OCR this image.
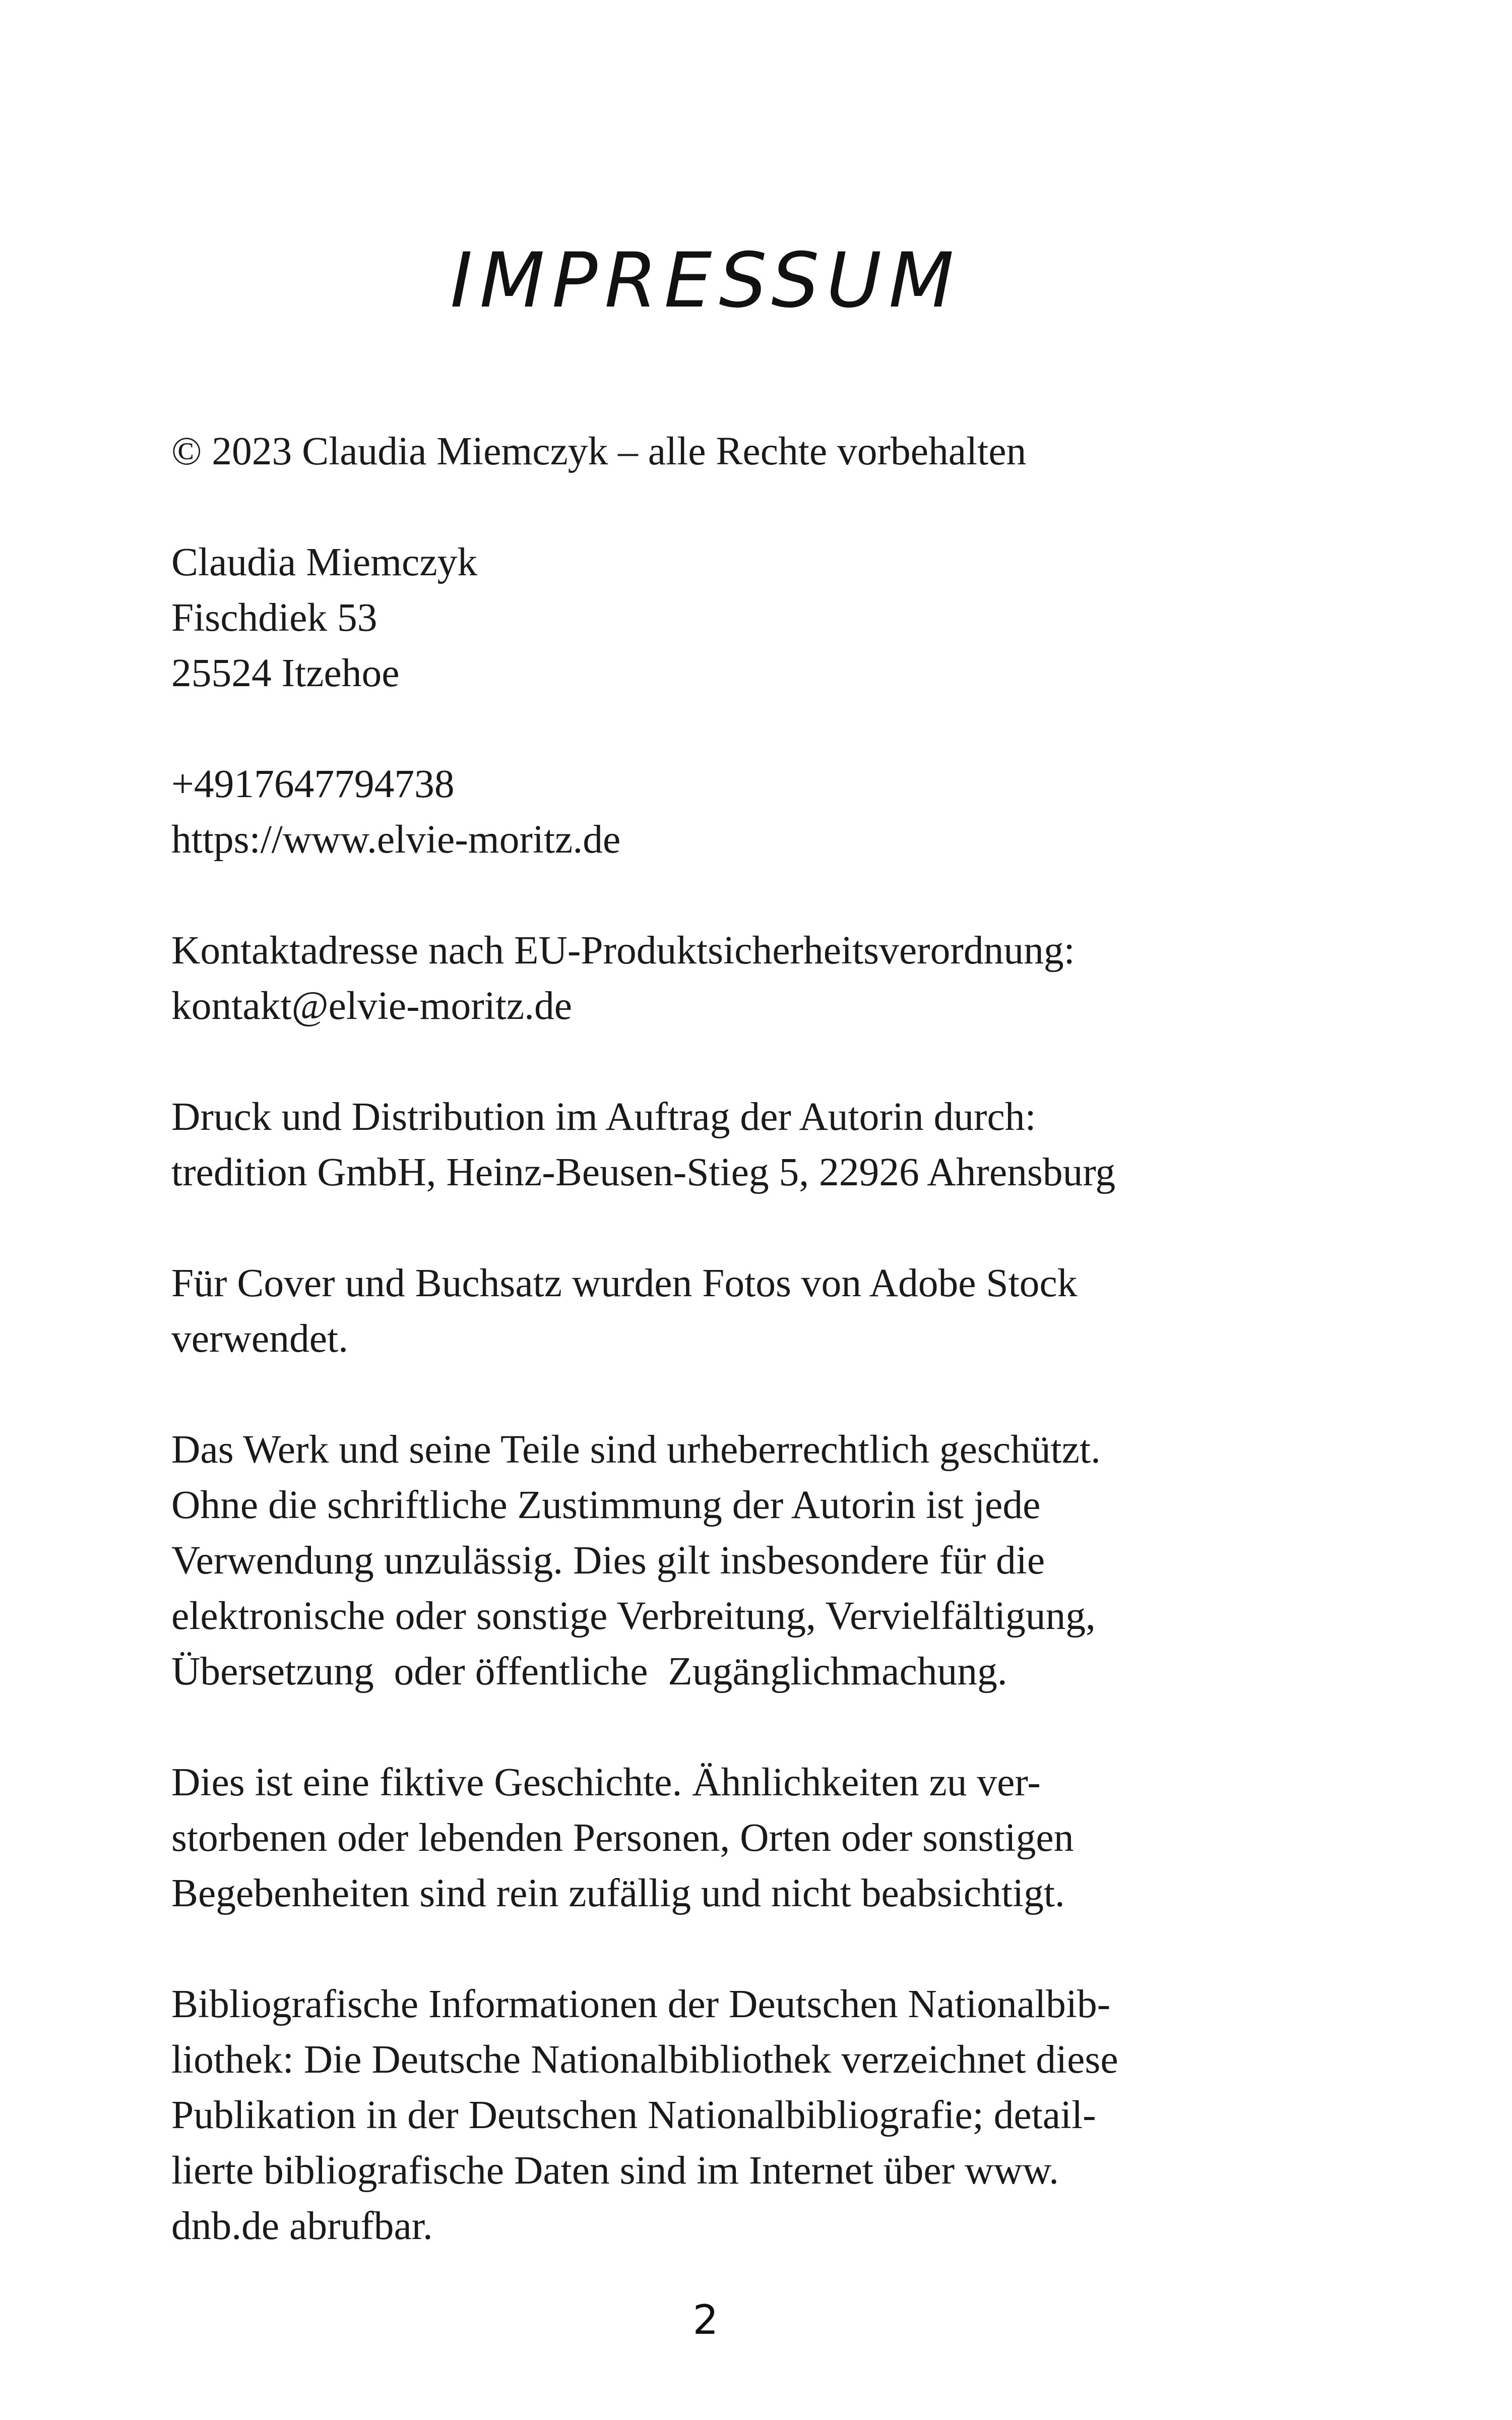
IMPRESSUM

© 2023 Claudia Miemczyk – alle Rechte vorbehalten

Claudia Miemczyk
Fischdiek 53
25524 Itzehoe

+4917647794738
https://www.elvie-moritz.de

Kontaktadresse nach EU-Produktsicherheitsverordnung:
kontakt@elvie-moritz.de

Druck und Distribution im Auftrag der Autorin durch:
tredition GmbH, Heinz-Beusen-Stieg 5, 22926 Ahrensburg

Für Cover und Buchsatz wurden Fotos von Adobe Stock
verwendet.

Das Werk und seine Teile sind urheberrechtlich geschützt.
Ohne die schriftliche Zustimmung der Autorin ist jede
Verwendung unzulässig. Dies gilt insbesondere für die
elektronische oder sonstige Verbreitung, Vervielfältigung,
Übersetzung  oder öffentliche  Zugänglichmachung.

Dies ist eine fiktive Geschichte. Ähnlichkeiten zu ver-
storbenen oder lebenden Personen, Orten oder sonstigen
Begebenheiten sind rein zufällig und nicht beabsichtigt.

Bibliografische Informationen der Deutschen Nationalbib-
liothek: Die Deutsche Nationalbibliothek verzeichnet diese
Publikation in der Deutschen Nationalbibliografie; detail-
lierte bibliografische Daten sind im Internet über www.
dnb.de abrufbar.

2
